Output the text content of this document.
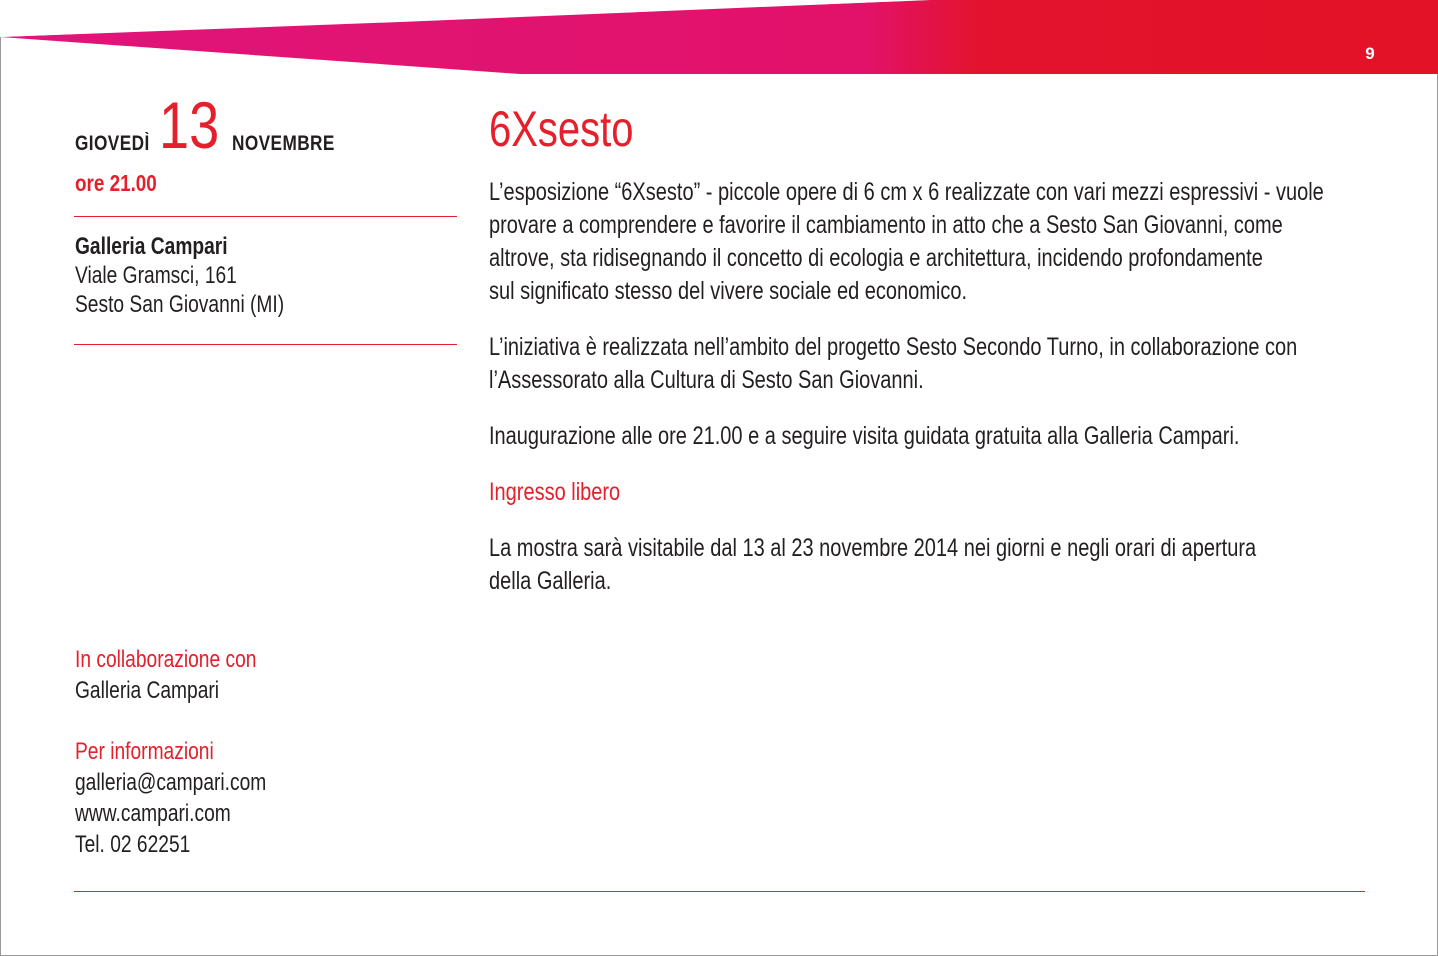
9
GIOVEDÌ 13 NOVEMBRE
ore 21.00
Galleria Campari
Viale Gramsci, 161
Sesto San Giovanni (MI)
In collaborazione con
Galleria Campari
Per informazioni
galleria@campari.com
www.campari.com
Tel. 02 62251
6Xsesto
L’esposizione “6Xsesto” - piccole opere di 6 cm x 6 realizzate con vari mezzi espressivi - vuole
provare a comprendere e favorire il cambiamento in atto che a Sesto San Giovanni, come
altrove, sta ridisegnando il concetto di ecologia e architettura, incidendo profondamente
sul significato stesso del vivere sociale ed economico.
L’iniziativa è realizzata nell’ambito del progetto Sesto Secondo Turno, in collaborazione con
l’Assessorato alla Cultura di Sesto San Giovanni.
Inaugurazione alle ore 21.00 e a seguire visita guidata gratuita alla Galleria Campari.
Ingresso libero
La mostra sarà visitabile dal 13 al 23 novembre 2014 nei giorni e negli orari di apertura
della Galleria.
